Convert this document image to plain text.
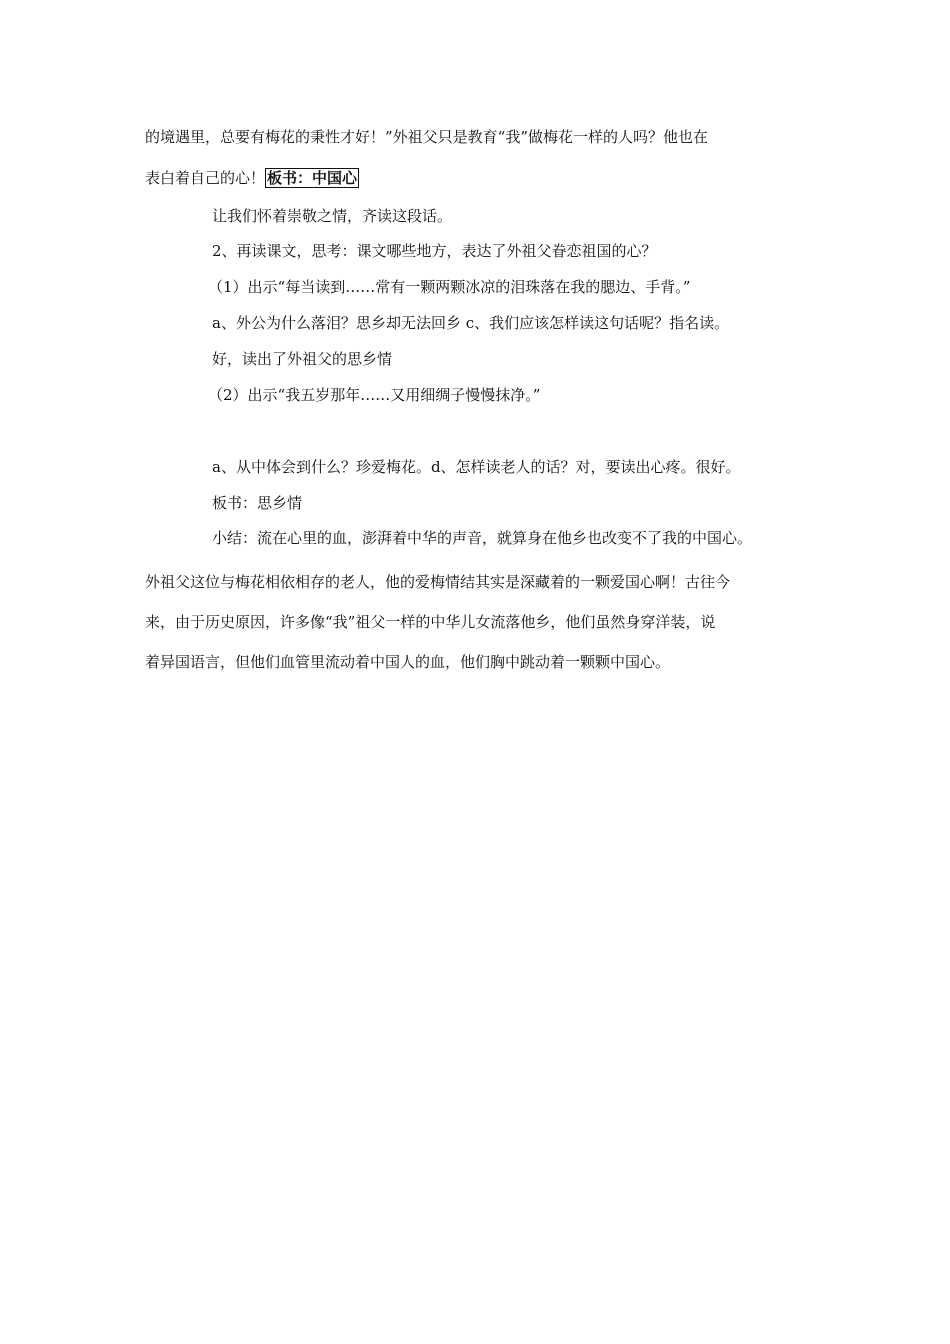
的境遇里，总要有梅花的秉性才好！”外祖父只是教育“我”做梅花一样的人吗？他也在
表白着自己的心！ 板书：中国心
让我们怀着崇敬之情，齐读这段话。
2、再读课文，思考：课文哪些地方，表达了外祖父眷恋祖国的心？
（1）出示“每当读到……常有一颗两颗冰凉的泪珠落在我的腮边、手背。”
a、外公为什么落泪？思乡却无法回乡 c、我们应该怎样读这句话呢？指名读。
好，读出了外祖父的思乡情
（2）出示“我五岁那年……又用细绸子慢慢抹净。”
a、从中体会到什么？珍爱梅花。d、怎样读老人的话？对，要读出心疼。很好。
板书：思乡情
小结：流在心里的血，澎湃着中华的声音，就算身在他乡也改变不了我的中国心。
外祖父这位与梅花相依相存的老人，他的爱梅情结其实是深藏着的一颗爱国心啊！古往今
来，由于历史原因，许多像“我”祖父一样的中华儿女流落他乡，他们虽然身穿洋装，说
着异国语言，但他们血管里流动着中国人的血，他们胸中跳动着一颗颗中国心。
